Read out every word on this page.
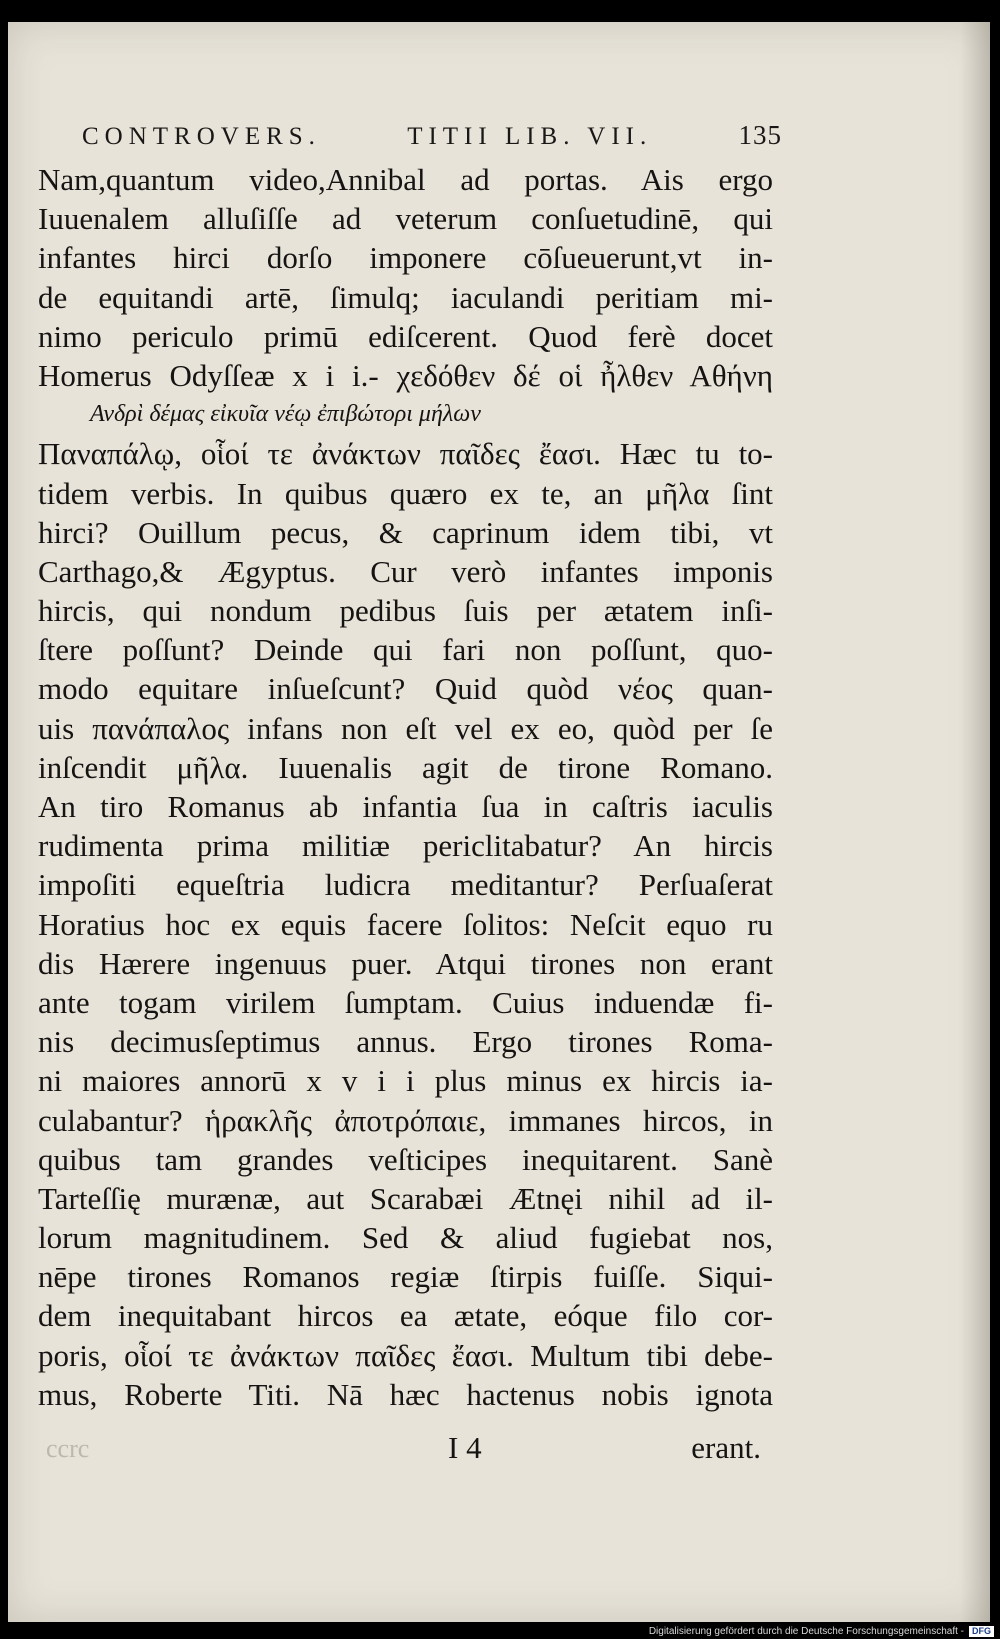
CONTROVERS.	TITII LIB. VII.	135
Nam,quantum video,Annibal ad portas. Ais ergo
Iuuenalem alluſiſſe ad veterum conſuetudinē, qui
infantes hirci dorſo imponere cōſueuerunt,vt in-
de equitandi artē, ſimulq; iaculandi peritiam mi-
nimo periculo primū ediſcerent. Quod ferè docet
Homerus Odyſſeæ x i i.- χεδόθεν δέ οἱ ἦλθεν Αθήνη
Ανδρὶ δέμας εἰκυῖα νέῳ ἐπιβώτορι μήλων
Παναπάλῳ, οἷοί τε ἀνάκτων παῖδες ἔασι. Hæc tu to-
tidem verbis. In quibus quæro ex te, an μῆλα ſint
hirci? Ouillum pecus, & caprinum idem tibi, vt
Carthago,& Ægyptus. Cur verò infantes imponis
hircis, qui nondum pedibus ſuis per ætatem inſi-
ſtere poſſunt? Deinde qui fari non poſſunt, quo-
modo equitare inſueſcunt? Quid quòd νέος quan-
uis πανάπαλος infans non eſt vel ex eo, quòd per ſe
inſcendit μῆλα. Iuuenalis agit de tirone Romano.
An tiro Romanus ab infantia ſua in caſtris iaculis
rudimenta prima militiæ periclitabatur? An hircis
impoſiti equeſtria ludicra meditantur? Perſuaſerat
Horatius hoc ex equis facere ſolitos: Neſcit equo ru
dis Hærere ingenuus puer. Atqui tirones non erant
ante togam virilem ſumptam. Cuius induendæ fi-
nis decimusſeptimus annus. Ergo tirones Roma-
ni maiores annorū x v i i plus minus ex hircis ia-
culabantur? ἡρακλῆς ἀποτρόπαιε, immanes hircos, in
quibus tam grandes veſticipes inequitarent. Sanè
Tarteſſię murænæ, aut Scarabæi Ætnęi nihil ad il-
lorum magnitudinem. Sed & aliud fugiebat nos,
nēpe tirones Romanos regiæ ſtirpis fuiſſe. Siqui-
dem inequitabant hircos ea ætate, eóque filo cor-
poris, οἷοί τε ἀνάκτων παῖδες ἔασι. Multum tibi debe-
mus, Roberte Titi. Nā hæc hactenus nobis ignota
ccrc	I 4	erant.
Digitalisierung gefördert durch die Deutsche Forschungsgemeinschaft - DFG
